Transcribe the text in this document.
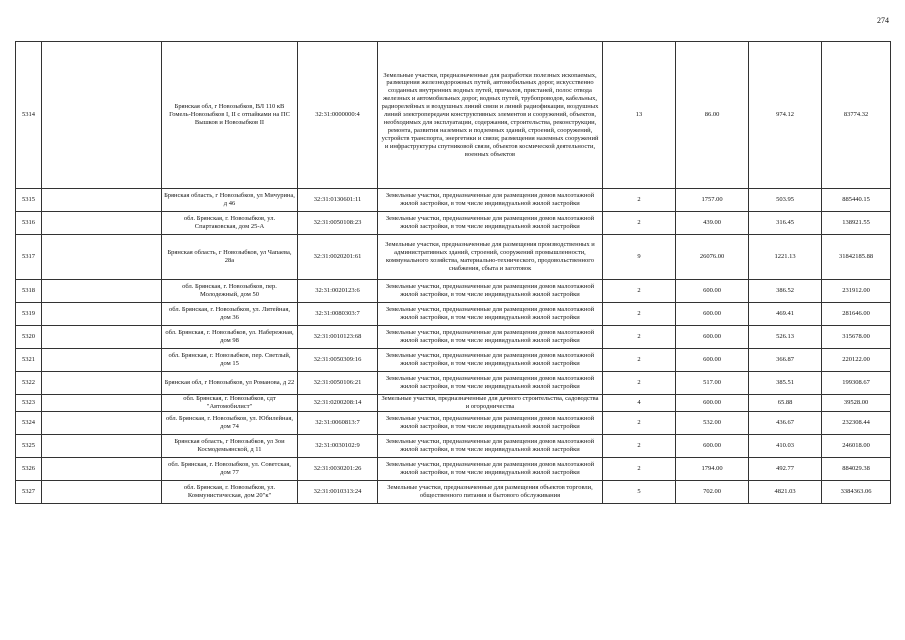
274
5314		Брянская обл, г Новозыбков, ВЛ 110 кВ Гомель-Новозыбков I, II с отпайками на ПС Вышков и Новозыбков II	32:31:0000000:4	Земельные участки, предназначенные для разработки полезных ископаемых, размещения железнодорожных путей, автомобильных дорог, искусственно созданных внутренних водных путей, причалов, пристаней, полос отвода железных и автомобильных дорог, водных путей, трубопроводов, кабельных, радиорелейных и воздушных линий связи и линий радиофикации, воздушных линий электропередачи конструктивных элементов и сооружений, объектов, необходимых для эксплуатации, содержания, строительства, реконструкции, ремонта, развития наземных и подземных зданий, строений, сооружений, устройств транспорта, энергетики и связи; размещения наземных сооружений и инфраструктуры спутниковой связи, объектов космической деятельности, военных объектов	13	86.00	974.12	83774.32
5315		Брянская область, г Новозыбков, ул Мичурина, д 46	32:31:0130601:11	Земельные участки, предназначенные для размещения домов малоэтажной жилой застройки, в том числе индивидуальной жилой застройки	2	1757.00	503.95	885440.15
5316		обл. Брянская, г. Новозыбков, ул. Спартаковская, дом 25-А	32:31:0050108:23	Земельные участки, предназначенные для размещения домов малоэтажной жилой застройки, в том числе индивидуальной жилой застройки	2	439.00	316.45	138921.55
5317		Брянская область, г Новозыбков, ул Чапаева, 28а	32:31:0020201:61	Земельные участки, предназначенные для размещения производственных и административных зданий, строений, сооружений промышленности, коммунального хозяйства, материально-технического, продовольственного снабжения, сбыта и заготовок	9	26076.00	1221.13	31842185.88
5318		обл. Брянская, г. Новозыбков, пер. Молодежный, дом 50	32:31:0020123:6	Земельные участки, предназначенные для размещения домов малоэтажной жилой застройки, в том числе индивидуальной жилой застройки	2	600.00	386.52	231912.00
5319		обл. Брянская, г. Новозыбков, ул. Литейная, дом 36	32:31:0080303:7	Земельные участки, предназначенные для размещения домов малоэтажной жилой застройки, в том числе индивидуальной жилой застройки	2	600.00	469.41	281646.00
5320		обл. Брянская, г. Новозыбков, ул. Набережная, дом 98	32:31:0010123:68	Земельные участки, предназначенные для размещения домов малоэтажной жилой застройки, в том числе индивидуальной жилой застройки	2	600.00	526.13	315678.00
5321		обл. Брянская, г. Новозыбков, пер. Светлый, дом 15	32:31:0050309:16	Земельные участки, предназначенные для размещения домов малоэтажной жилой застройки, в том числе индивидуальной жилой застройки	2	600.00	366.87	220122.00
5322		Брянская обл, г Новозыбков, ул Романова, д 22	32:31:0050106:21	Земельные участки, предназначенные для размещения домов малоэтажной жилой застройки, в том числе индивидуальной жилой застройки	2	517.00	385.51	199308.67
5323		обл. Брянская, г. Новозыбков, сдт "Автомобилист"	32:31:0200208:14	Земельные участки, предназначенные для дачного строительства, садоводства и огородничества	4	600.00	65.88	39528.00
5324		обл. Брянская, г. Новозыбков, ул. Юбилейная, дом 74	32:31:0060813:7	Земельные участки, предназначенные для размещения домов малоэтажной жилой застройки, в том числе индивидуальной жилой застройки	2	532.00	436.67	232308.44
5325		Брянская область, г Новозыбков, ул Зои Космодемьянской, д 11	32:31:0030102:9	Земельные участки, предназначенные для размещения домов малоэтажной жилой застройки, в том числе индивидуальной жилой застройки	2	600.00	410.03	246018.00
5326		обл. Брянская, г. Новозыбков, ул. Советская, дом 77	32:31:0030201:26	Земельные участки, предназначенные для размещения домов малоэтажной жилой застройки, в том числе индивидуальной жилой застройки	2	1794.00	492.77	884029.38
5327		обл. Брянская, г. Новозыбков, ул. Коммунистическая, дом 20"к"	32:31:0010313:24	Земельные участки, предназначенные для размещения объектов торговли, общественного питания и бытового обслуживания	5	702.00	4821.03	3384363.06
